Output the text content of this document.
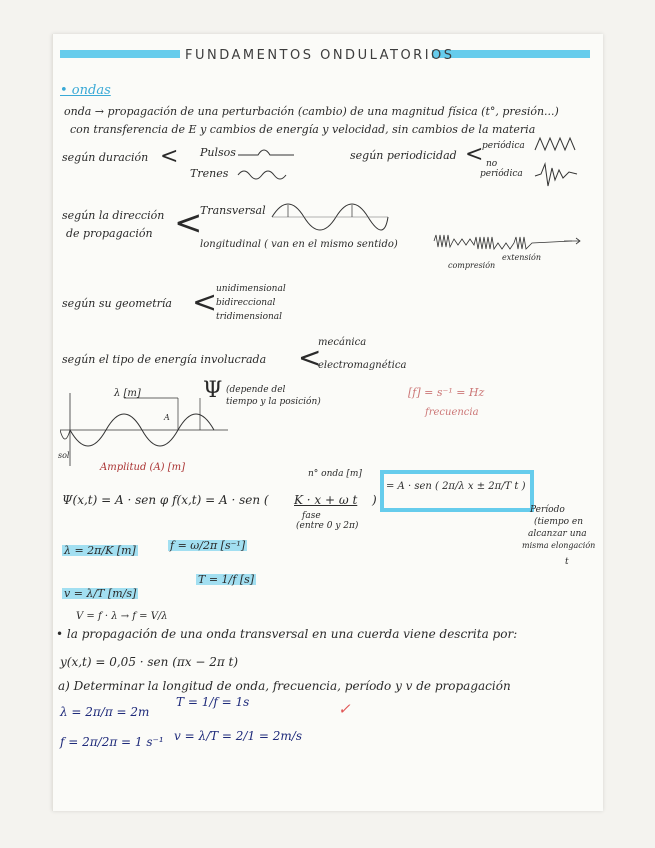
FUNDAMENTOS ONDULATORIOS
• ondas
onda → propagación de una perturbación (cambio) de una magnitud física (t°, presión...)
con transferencia de E y cambios de energía y velocidad, sin cambios de la materia
según duración < Pulsos
Trenes
según periodicidad <
periódica
no
periódica
según la dirección
de propagación <
Transversal
longitudinal ( van en el mismo sentido)
compresión
extensión
según su geometría <
unidimensional
bidireccional
tridimensional
según el tipo de energía involucrada <
mecánica
electromagnética
λ [m]
A
Ψ (depende del
tiempo y la posición)
sol
Amplitud (A) [m]
[f] = s⁻¹ = Hz
frecuencia
n° onda [m]
Ψ(x,t) = A · sen φ f(x,t) = A · sen ( K · x + ω t )
fase
(entre 0 y 2π)
= A · sen ( 2π/λ x ± 2π/T t )
Período
(tiempo en
alcanzar una
misma elongación
t
λ = 2π/K [m]	f = ω/2π [s⁻¹]
v = λ/T [m/s]
T = 1/f [s]
V = f · λ → f = V/λ
• la propagación de una onda transversal en una cuerda viene descrita por:
y(x,t) = 0,05 · sen (πx − 2π t)
a) Determinar la longitud de onda, frecuencia, período y v de propagación
λ = 2π/π = 2m
T = 1/f = 1s	✓
f = 2π/2π = 1 s⁻¹ v = λ/T = 2/1 = 2m/s
